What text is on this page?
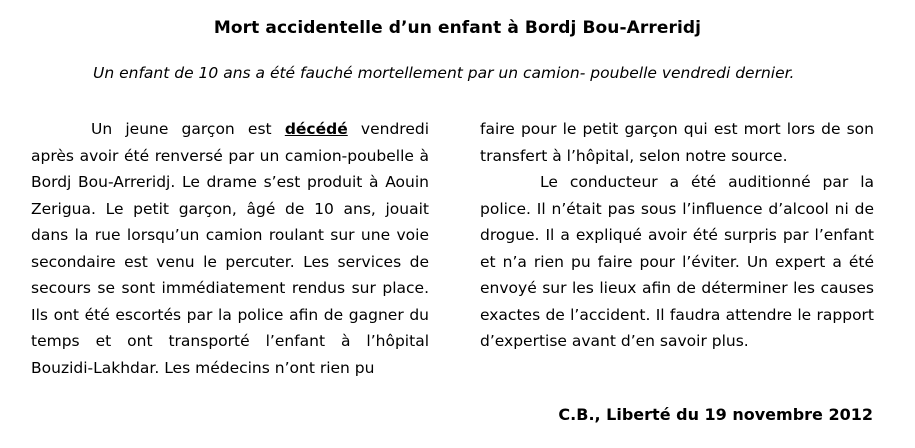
Mort accidentelle d’un enfant à Bordj Bou-Arreridj
Un enfant de 10 ans a été fauché mortellement par un camion- poubelle vendredi dernier.

Un jeune garçon est décédé vendredi après avoir été renversé par un camion-poubelle à Bordj Bou-Arreridj. Le drame s’est produit à Aouin Zerigua. Le petit garçon, âgé de 10 ans, jouait dans la rue lorsqu’un camion roulant sur une voie secondaire est venu le percuter. Les services de secours se sont immédiatement rendus sur place. Ils ont été escortés par la police afin de gagner du temps et ont transporté l’enfant à l’hôpital Bouzidi-Lakhdar. Les médecins n’ont rien pu

faire pour le petit garçon qui est mort lors de son transfert à l’hôpital, selon notre source.

Le conducteur a été auditionné par la police. Il n’était pas sous l’influence d’alcool ni de drogue. Il a expliqué avoir été surpris par l’enfant et n’a rien pu faire pour l’éviter. Un expert a été envoyé sur les lieux afin de déterminer les causes exactes de l’accident. Il faudra attendre le rapport d’expertise avant d’en savoir plus.

C.B., Liberté du 19 novembre 2012
